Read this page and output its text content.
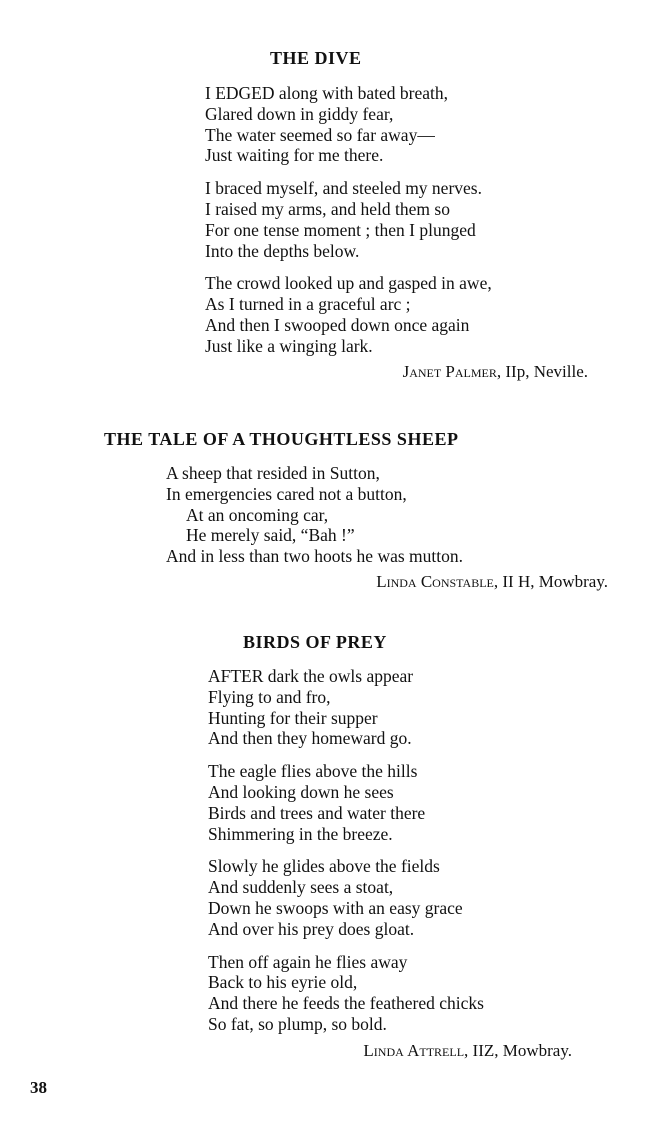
THE DIVE
I EDGED along with bated breath,
Glared down in giddy fear,
The water seemed so far away—
Just waiting for me there.
I braced myself, and steeled my nerves.
I raised my arms, and held them so
For one tense moment ; then I plunged
Into the depths below.
The crowd looked up and gasped in awe,
As I turned in a graceful arc ;
And then I swooped down once again
Just like a winging lark.
Janet Palmer, IIp, Neville.
THE TALE OF A THOUGHTLESS SHEEP
A sheep that resided in Sutton,
In emergencies cared not a button,
At an oncoming car,
He merely said, “Bah !”
And in less than two hoots he was mutton.
Linda Constable, II H, Mowbray.
BIRDS OF PREY
AFTER dark the owls appear
Flying to and fro,
Hunting for their supper
And then they homeward go.
The eagle flies above the hills
And looking down he sees
Birds and trees and water there
Shimmering in the breeze.
Slowly he glides above the fields
And suddenly sees a stoat,
Down he swoops with an easy grace
And over his prey does gloat.
Then off again he flies away
Back to his eyrie old,
And there he feeds the feathered chicks
So fat, so plump, so bold.
Linda Attrell, IIZ, Mowbray.
38
